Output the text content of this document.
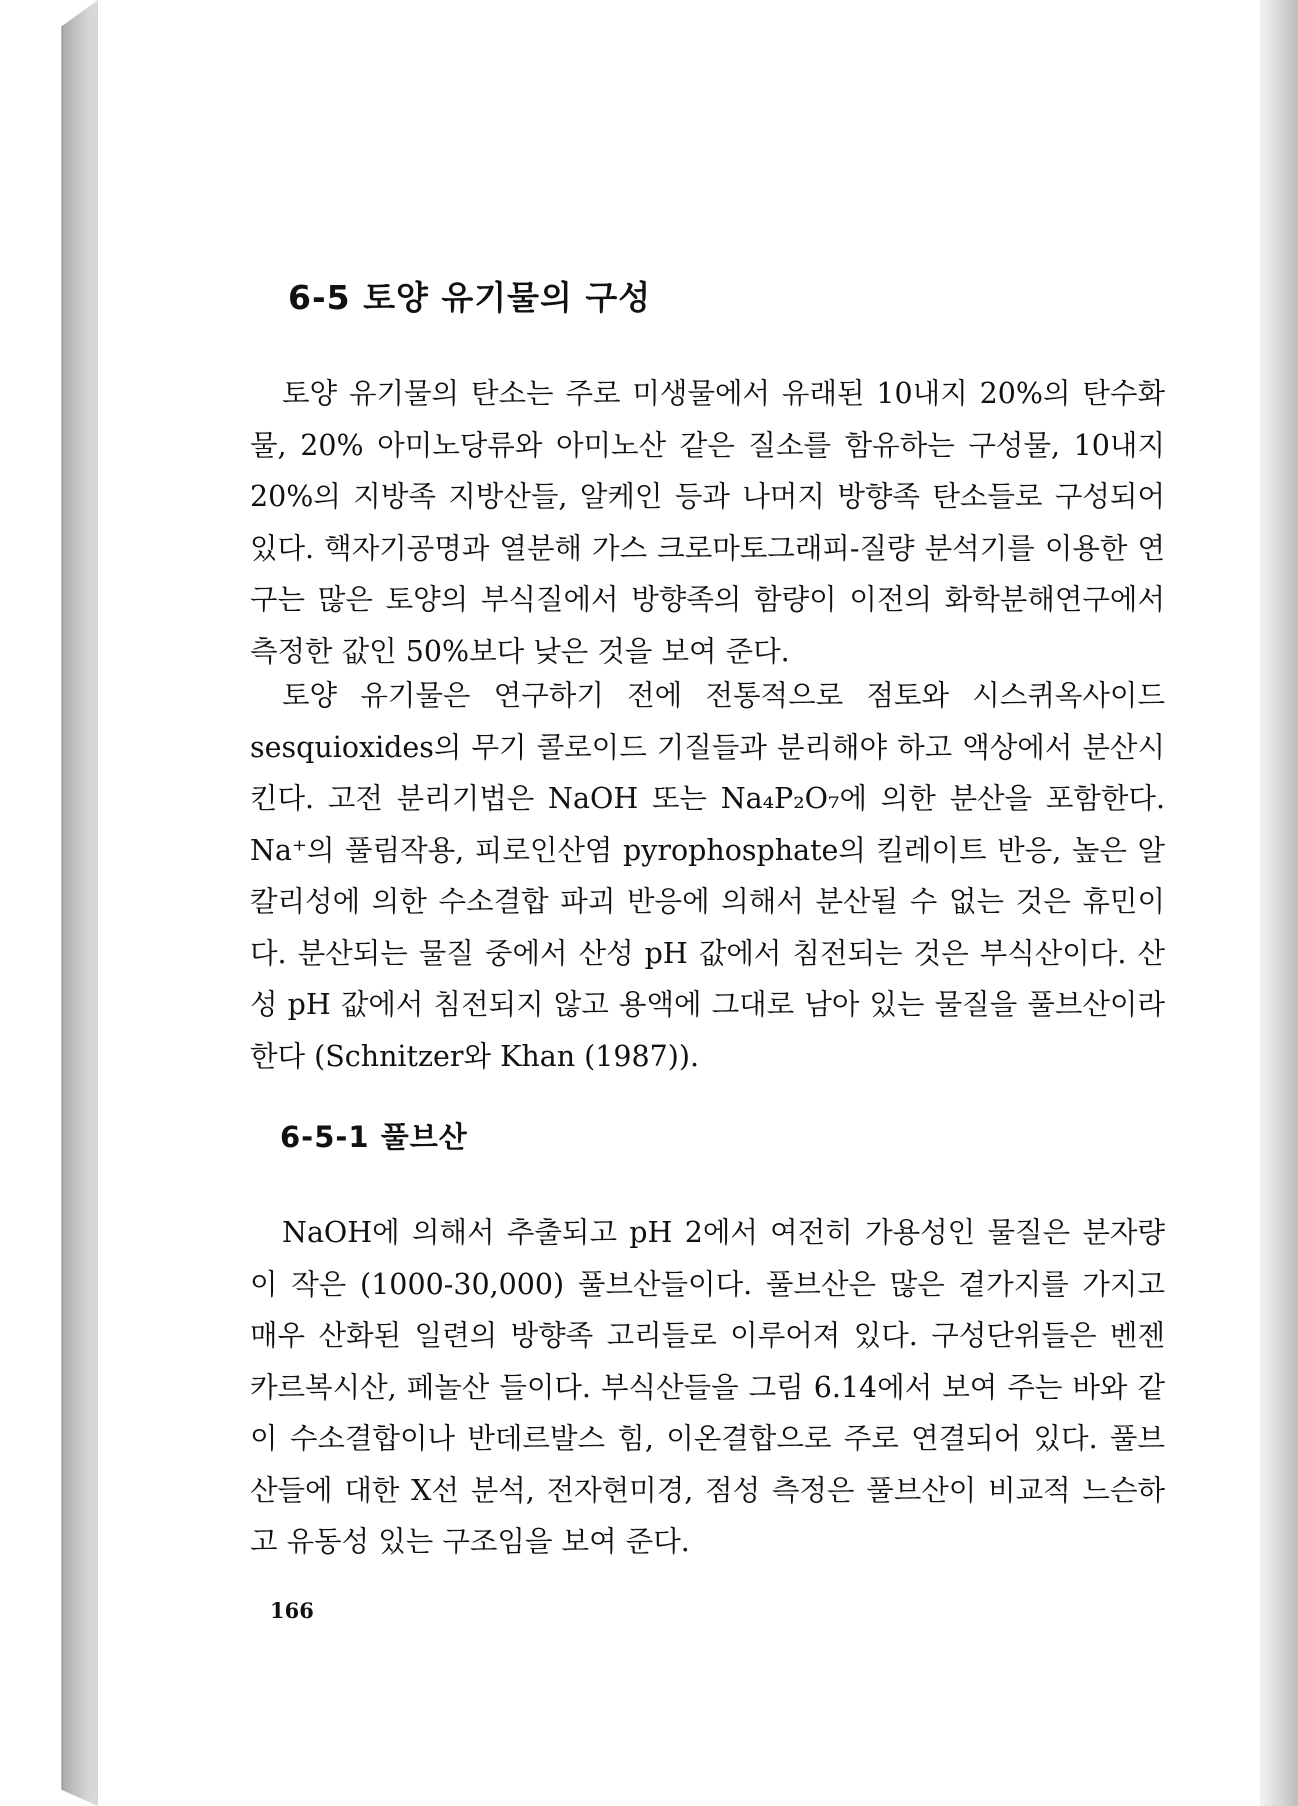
6-5 토양 유기물의 구성

토양 유기물의 탄소는 주로 미생물에서 유래된 10내지 20%의 탄수화물, 20% 아미노당류와 아미노산 같은 질소를 함유하는 구성물, 10내지 20%의 지방족 지방산들, 알케인 등과 나머지 방향족 탄소들로 구성되어 있다. 핵자기공명과 열분해 가스 크로마토그래피-질량 분석기를 이용한 연구는 많은 토양의 부식질에서 방향족의 함량이 이전의 화학분해연구에서 측정한 값인 50%보다 낮은 것을 보여 준다.

토양 유기물은 연구하기 전에 전통적으로 점토와 시스퀴옥사이드 sesquioxides의 무기 콜로이드 기질들과 분리해야 하고 액상에서 분산시킨다. 고전 분리기법은 NaOH 또는 Na₄P₂O₇에 의한 분산을 포함한다. Na⁺의 풀림작용, 피로인산염 pyrophosphate의 킬레이트 반응, 높은 알칼리성에 의한 수소결합 파괴 반응에 의해서 분산될 수 없는 것은 휴민이다. 분산되는 물질 중에서 산성 pH 값에서 침전되는 것은 부식산이다. 산성 pH 값에서 침전되지 않고 용액에 그대로 남아 있는 물질을 풀브산이라 한다 (Schnitzer와 Khan (1987)).

6-5-1 풀브산

NaOH에 의해서 추출되고 pH 2에서 여전히 가용성인 물질은 분자량이 작은 (1000-30,000) 풀브산들이다. 풀브산은 많은 곁가지를 가지고 매우 산화된 일련의 방향족 고리들로 이루어져 있다. 구성단위들은 벤젠 카르복시산, 페놀산 들이다. 부식산들을 그림 6.14에서 보여 주는 바와 같이 수소결합이나 반데르발스 힘, 이온결합으로 주로 연결되어 있다. 풀브산들에 대한 X선 분석, 전자현미경, 점성 측정은 풀브산이 비교적 느슨하고 유동성 있는 구조임을 보여 준다.

166
